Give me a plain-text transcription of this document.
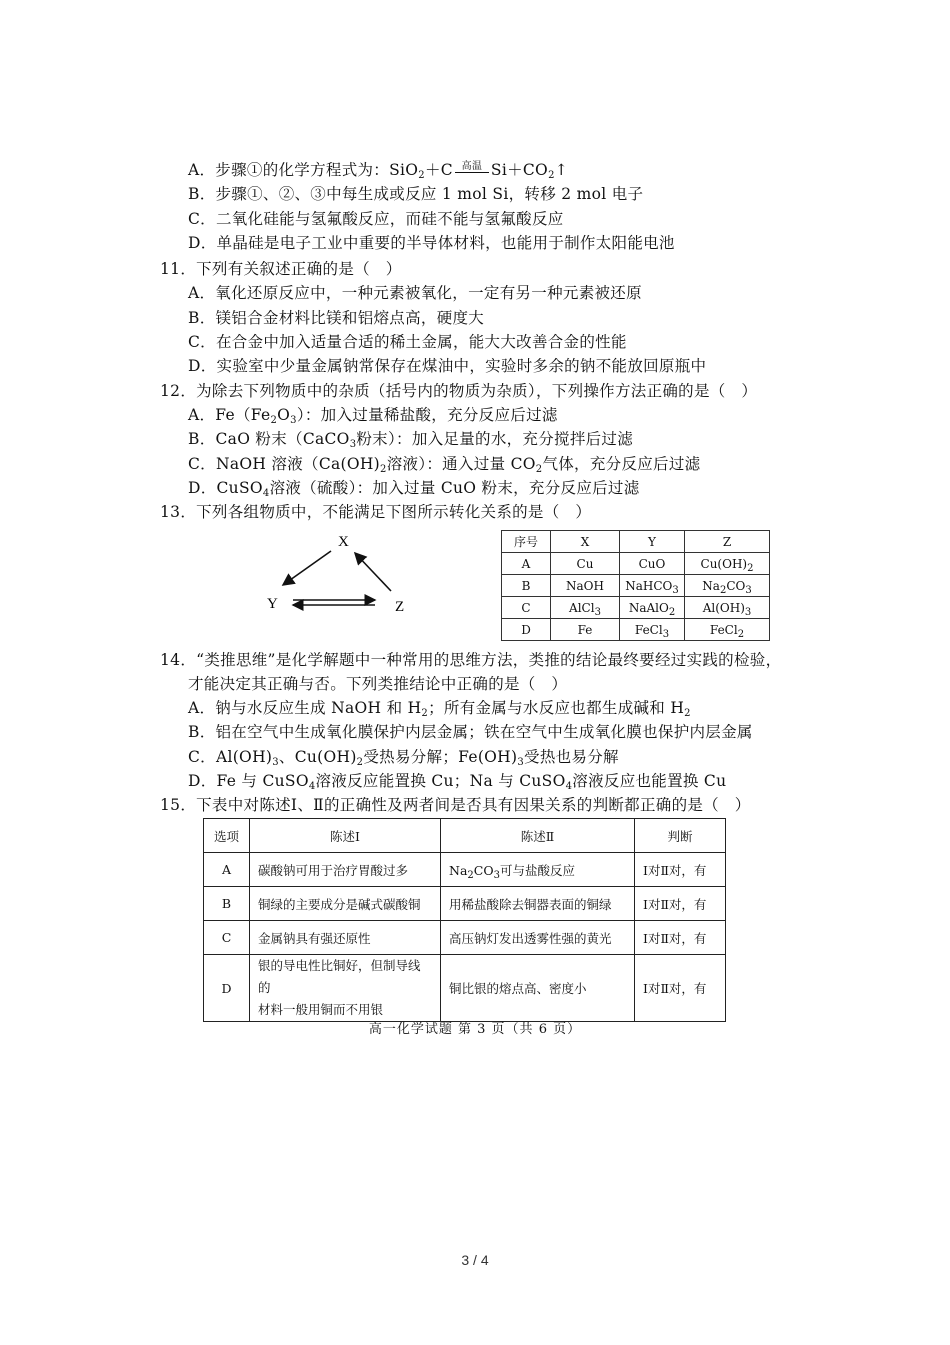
A．步骤①的化学方程式为：SiO$_2$＋C 高温 $Si+CO_2↑$
B．步骤①、②、③中每生成或反应 1 mol Si，转移 2 mol 电子
C．二氧化硅能与氢氟酸反应，而硅不能与氢氟酸反应
D．单晶硅是电子工业中重要的半导体材料，也能用于制作太阳能电池
11．下列有关叙述正确的是（　）
A．氧化还原反应中，一种元素被氧化，一定有另一种元素被还原
B．镁铝合金材料比镁和铝熔点高，硬度大
C．在合金中加入适量合适的稀土金属，能大大改善合金的性能
D．实验室中少量金属钠常保存在煤油中，实验时多余的钠不能放回原瓶中
12．为除去下列物质中的杂质（括号内的物质为杂质），下列操作方法正确的是（　）
A．$Fe(Fe_2O_3)$：加入过量稀盐酸，充分反应后过滤
B．CaO 粉末（CaCO$_3$粉末）：加入足量的水，充分搅拌后过滤
C．NaOH 溶液（$Ca(OH)_2$溶液）：通入过量 $CO_2$气体，充分反应后过滤
D．CuSO$_4$溶液（硫酸）：加入过量 CuO 粉末，充分反应后过滤
13．下列各组物质中，不能满足下图所示转化关系的是（　）
X
Y	Z
序号	X	Y	Z
A	Cu	CuO	$Cu(OH)_2$
B	NaOH	NaHCO$_3$	$Na_2CO_3$
C	AlCl$_3$	NaAlO$_2$	$Al(OH)_3$
D	Fe	FeCl$_3$	FeCl$_2$
14．“类推思维”是化学解题中一种常用的思维方法，类推的结论最终要经过实践的检验，
才能决定其正确与否。下列类推结论中正确的是（　）
A．钠与水反应生成 NaOH 和 $H_2$；所有金属与水反应也都生成碱和 $H_2$
B．铝在空气中生成氧化膜保护内层金属；铁在空气中生成氧化膜也保护内层金属
C．$Al(OH)_3$、$Cu(OH)_2$受热易分解；$Fe(OH)_3$受热也易分解
D．Fe 与 CuSO$_4$溶液反应能置换 Cu；Na 与 CuSO$_4$溶液反应也能置换 Cu
15．下表中对陈述Ⅰ、Ⅱ的正确性及两者间是否具有因果关系的判断都正确的是（　）
选项	陈述Ⅰ	陈述Ⅱ	判断
A	碳酸钠可用于治疗胃酸过多	$Na_2CO_3$可与盐酸反应	Ⅰ对Ⅱ对，有
B	铜绿的主要成分是碱式碳酸铜	用稀盐酸除去铜器表面的铜绿	Ⅰ对Ⅱ对，有
C	金属钠具有强还原性	高压钠灯发出透雾性强的黄光	Ⅰ对Ⅱ对，有
D	银的导电性比铜好，但制导线的
材料一般用铜而不用银	铜比银的熔点高、密度小	Ⅰ对Ⅱ对，有
高一化学试题 第 3 页（共 6 页）
3 / 4
